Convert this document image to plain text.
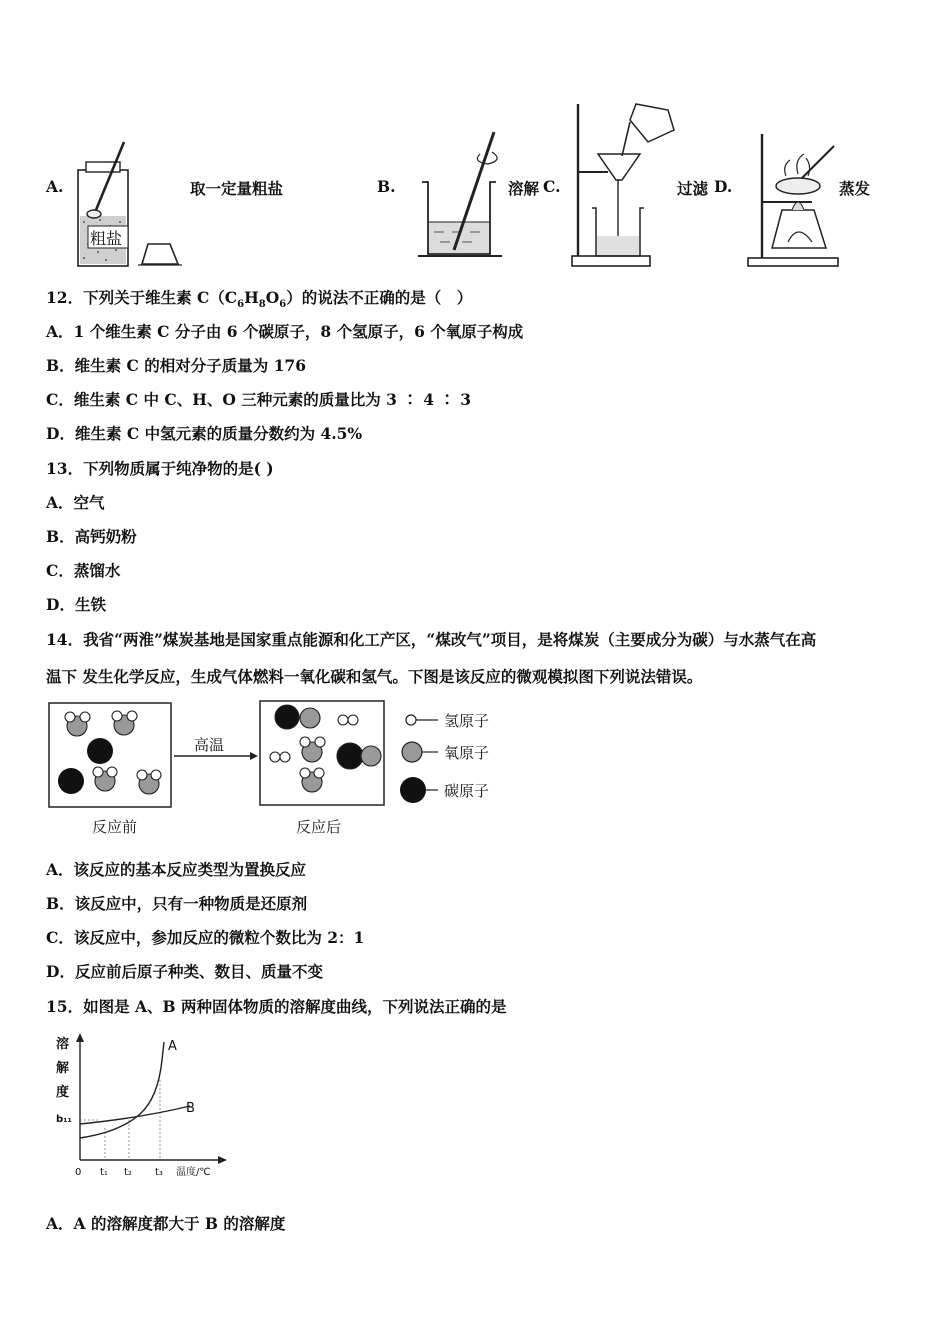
A.
粗盐
取一定量粗盐	B.	溶解 C.	过滤 D.	蒸发
12．下列关于维生素 $C(C_6H_8O_6)$的说法不正确的是（　）
A．1 个维生素 C 分子由 6 个碳原子，8 个氢原子，6 个氧原子构成
B．维生素 C 的相对分子质量为 176
C．维生素 C 中 C、H、O 三种元素的质量比为 3 ∶ 4 ∶ 3
D．维生素 C 中氢元素的质量分数约为 4.5%
13．下列物质属于纯净物的是( )
A．空气
B．高钙奶粉
C．蒸馏水
D．生铁
14．我省“两淮”煤炭基地是国家重点能源和化工产区，“煤改气”项目，是将煤炭（主要成分为碳）与水蒸气在高
温下 发生化学反应，生成气体燃料一氧化碳和氢气。下图是该反应的微观模拟图下列说法错误。
高温
反应前	反应后
氢原子
氧原子
碳原子
A．该反应的基本反应类型为置换反应
B．该反应中，只有一种物质是还原剂
C．该反应中，参加反应的微粒个数比为 2：1
D．反应前后原子种类、数目、质量不变
15．如图是 A、B 两种固体物质的溶解度曲线，下列说法正确的是
溶
解
度
b₁₁
A
B
0 t₁ t₂ t₃ 温度/℃
A．A 的溶解度都大于 B 的溶解度
